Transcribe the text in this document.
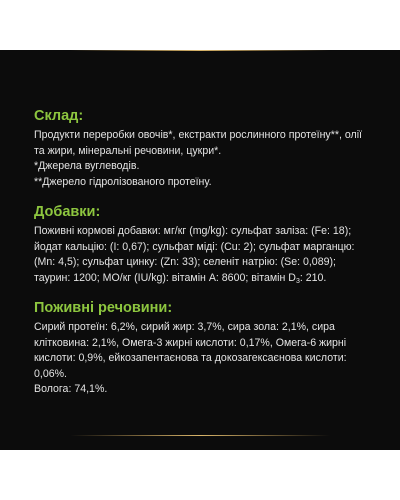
Склад:

Продукти переробки овочів*, екстракти рослинного протеїну**, олії та жири, мінеральні речовини, цукри*.

*Джерела вуглеводів.

**Джерело гідролізованого протеїну.

Добавки:

Поживні кормові добавки: мг/кг (mg/kg): сульфат заліза: (Fe: 18); йодат кальцію: (I: 0,67); сульфат міді: (Cu: 2); сульфат марганцю: (Mn: 4,5); сульфат цинку: (Zn: 33); селеніт натрію: (Se: 0,089); таурин: 1200; МО/кг (IU/kg): вітамін А: 8600; вітамін $D_3$: 210.

Поживні речовини:

Сирий протеїн: 6,2%, сирий жир: 3,7%, сира зола: 2,1%, сира клітковина: 2,1%, Омега-3 жирні кислоти: 0,17%, Омега-6 жирні кислоти: 0,9%, ейкозапентаєнова та докозагексаєнова кислоти: 0,06%.

Волога: 74,1%.
